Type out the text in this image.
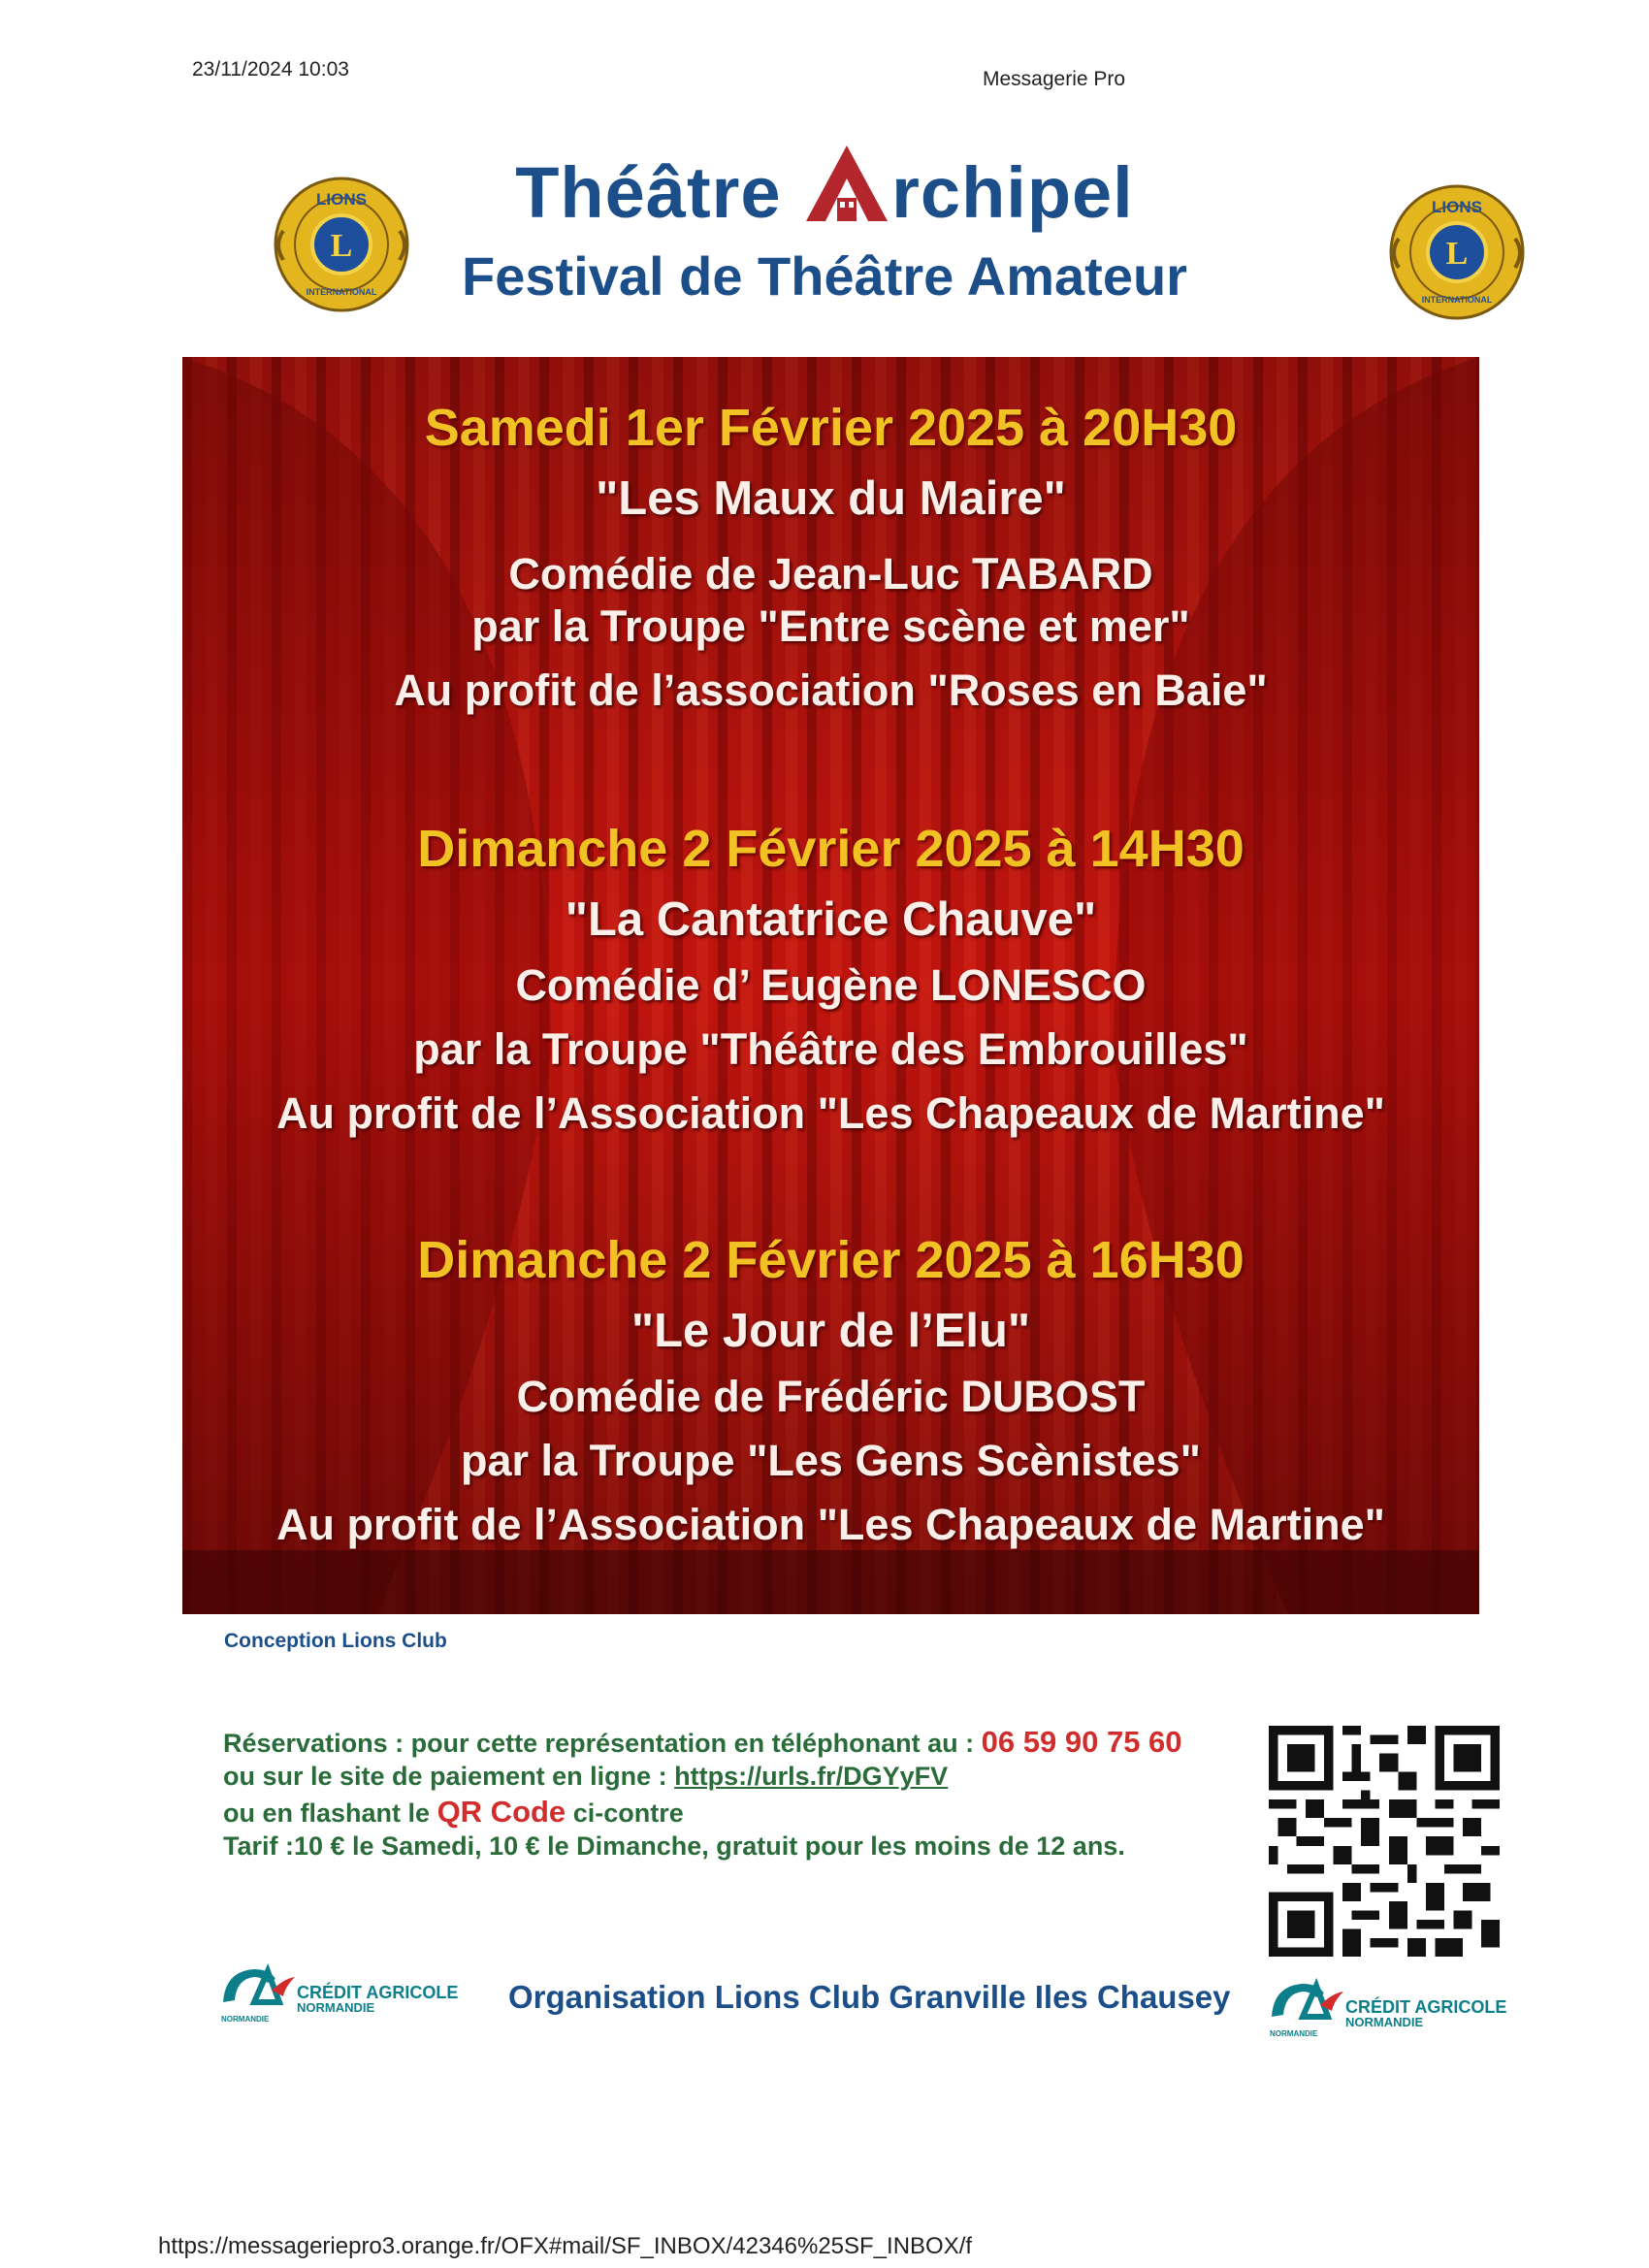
23/11/2024 10:03	Messagerie Pro
L
LIONS
INTERNATIONAL
L
LIONS
INTERNATIONAL
Théâtre rchipel
Festival de Théâtre Amateur
Samedi 1er Février 2025 à 20H30
"Les Maux du Maire"
Comédie de Jean-Luc TABARD
par la Troupe "Entre scène et mer"
Au profit de l’association "Roses en Baie"
Dimanche 2 Février 2025 à 14H30
"La Cantatrice Chauve"
Comédie d’ Eugène LONESCO
par la Troupe "Théâtre des Embrouilles"
Au profit de l’Association "Les Chapeaux de Martine"
Dimanche 2 Février 2025 à 16H30
"Le Jour de l’Elu"
Comédie de Frédéric DUBOST
par la Troupe "Les Gens Scènistes"
Au profit de l’Association "Les Chapeaux de Martine"
Conception Lions Club
Réservations : pour cette représentation en téléphonant au : 06 59 90 75 60
ou sur le site de paiement en ligne : https://urls.fr/DGYyFV
ou en flashant le QR Code ci-contre
Tarif :10 € le Samedi, 10 € le Dimanche, gratuit pour les moins de 12 ans.
CRÉDIT AGRICOLE
NORMANDIE
NORMANDIE
Organisation Lions Club Granville Iles Chausey	CRÉDIT AGRICOLE
NORMANDIE
NORMANDIE
https://messageriepro3.orange.fr/OFX#mail/SF_INBOX/42346%25SF_INBOX/f
